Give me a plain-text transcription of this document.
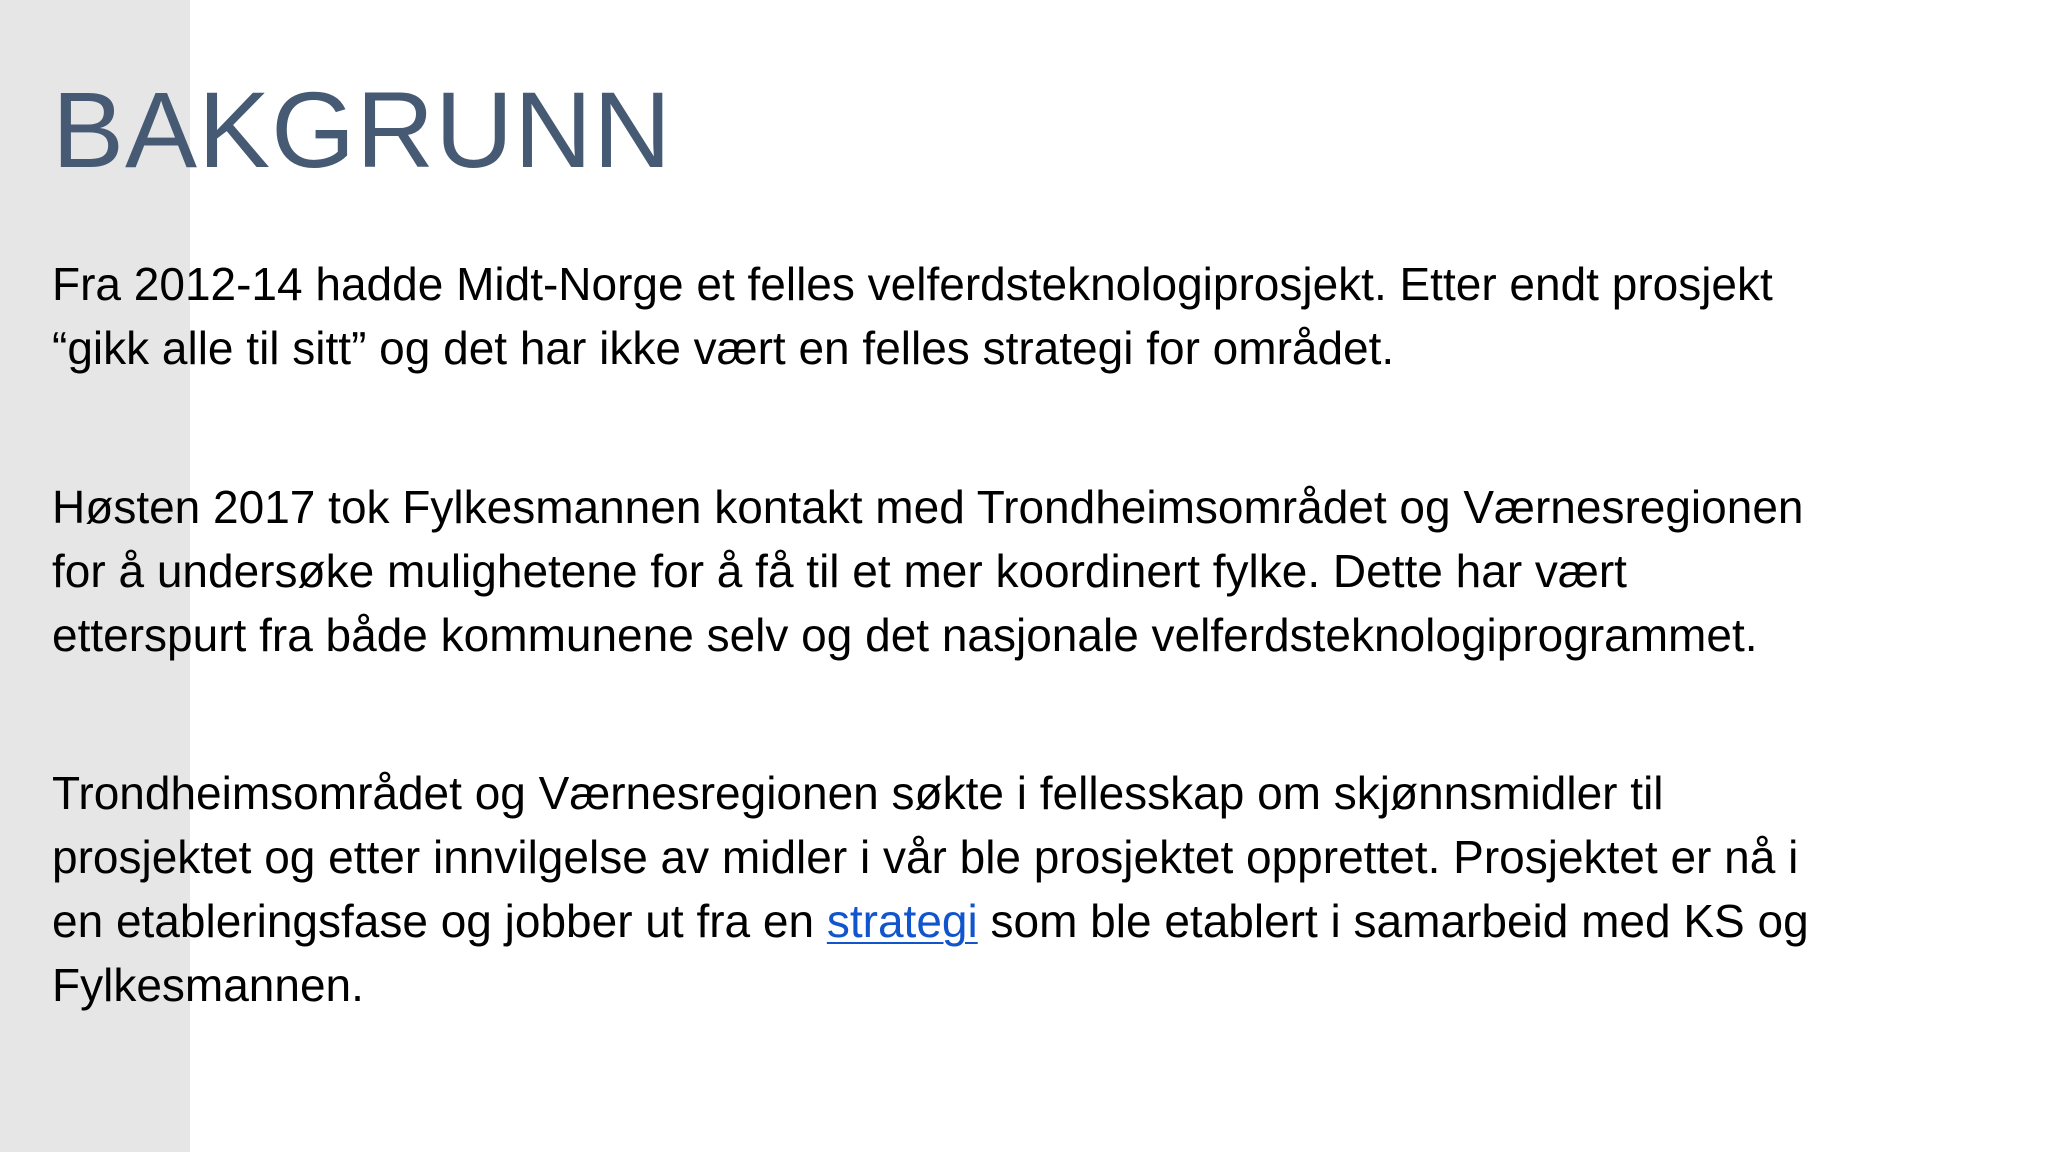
BAKGRUNN

Fra 2012-14 hadde Midt-Norge et felles velferdsteknologiprosjekt. Etter endt prosjekt
“gikk alle til sitt” og det har ikke vært en felles strategi for området.

Høsten 2017 tok Fylkesmannen kontakt med Trondheimsområdet og Værnesregionen
for å undersøke mulighetene for å få til et mer koordinert fylke. Dette har vært
etterspurt fra både kommunene selv og det nasjonale velferdsteknologiprogrammet.

Trondheimsområdet og Værnesregionen søkte i fellesskap om skjønnsmidler til
prosjektet og etter innvilgelse av midler i vår ble prosjektet opprettet. Prosjektet er nå i
en etableringsfase og jobber ut fra en strategi som ble etablert i samarbeid med KS og
Fylkesmannen.
